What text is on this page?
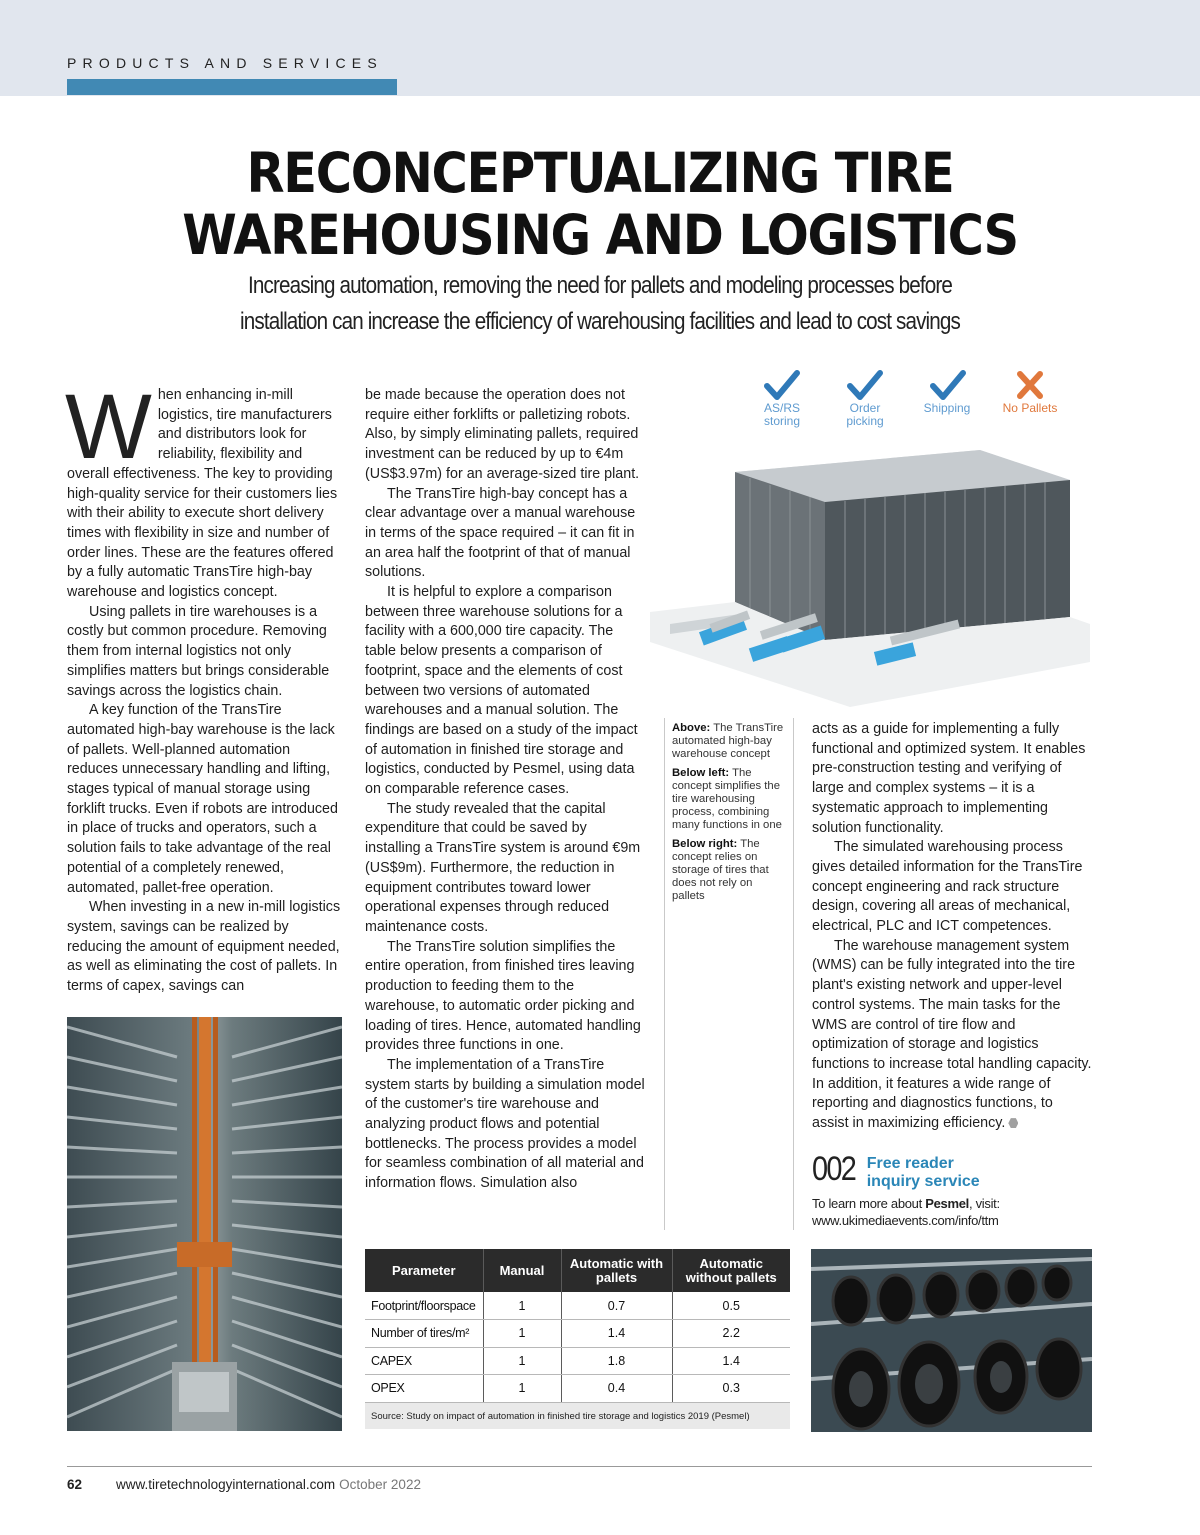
PRODUCTS AND SERVICES
RECONCEPTUALIZING TIRE
WAREHOUSING AND LOGISTICS
Increasing automation, removing the need for pallets and modeling processes before
installation can increase the efficiency of warehousing facilities and lead to cost savings

When enhancing in-mill logistics, tire manufacturers and distributors look for reliability, flexibility and overall effectiveness. The key to providing high-quality service for their customers lies with their ability to execute short delivery times with flexibility in size and number of order lines. These are the features offered by a fully automatic TransTire high-bay warehouse and logistics concept.

Using pallets in tire warehouses is a costly but common procedure. Removing them from internal logistics not only simplifies matters but brings considerable savings across the logistics chain.

A key function of the TransTire automated high-bay warehouse is the lack of pallets. Well-planned automation reduces unnecessary handling and lifting, stages typical of manual storage using forklift trucks. Even if robots are introduced in place of trucks and operators, such a solution fails to take advantage of the real potential of a completely renewed, automated, pallet-free operation.

When investing in a new in-mill logistics system, savings can be realized by reducing the amount of equipment needed, as well as eliminating the cost of pallets. In terms of capex, savings can

be made because the operation does not require either forklifts or palletizing robots. Also, by simply eliminating pallets, required investment can be reduced by up to €4m (US$3.97m) for an average-sized tire plant.

The TransTire high-bay concept has a clear advantage over a manual warehouse in terms of the space required – it can fit in an area half the footprint of that of manual solutions.

It is helpful to explore a comparison between three warehouse solutions for a facility with a 600,000 tire capacity. The table below presents a comparison of footprint, space and the elements of cost between two versions of automated warehouses and a manual solution. The findings are based on a study of the impact of automation in finished tire storage and logistics, conducted by Pesmel, using data on comparable reference cases.

The study revealed that the capital expenditure that could be saved by installing a TransTire system is around €9m (US$9m). Furthermore, the reduction in equipment contributes toward lower operational expenses through reduced maintenance costs.

The TransTire solution simplifies the entire operation, from finished tires leaving production to feeding them to the warehouse, to automatic order picking and loading of tires. Hence, automated handling provides three functions in one.

The implementation of a TransTire system starts by building a simulation model of the customer's tire warehouse and analyzing product flows and potential bottlenecks. The process provides a model for seamless combination of all material and information flows. Simulation also

acts as a guide for implementing a fully functional and optimized system. It enables pre-construction testing and verifying of large and complex systems – it is a systematic approach to implementing solution functionality.

The simulated warehousing process gives detailed information for the TransTire concept engineering and rack structure design, covering all areas of mechanical, electrical, PLC and ICT competences.

The warehouse management system (WMS) can be fully integrated into the tire plant's existing network and upper-level control systems. The main tasks for the WMS are control of tire flow and optimization of storage and logistics functions to increase total handling capacity. In addition, it features a wide range of reporting and diagnostics functions, to assist in maximizing efficiency.

Above: The TransTire automated high-bay warehouse concept

Below left: The concept simplifies the tire warehousing process, combining many functions in one

Below right: The concept relies on storage of tires that does not rely on pallets

AS/RS
storing
Order
picking
Shipping	No Pallets
002 Free reader
inquiry service
To learn more about Pesmel, visit:
www.ukimediaevents.com/info/ttm
Parameter	Manual	Automatic with pallets	Automatic without pallets
Footprint/floorspace	1	0.7	0.5
Number of tires/m²	1	1.4	2.2
CAPEX	1	1.8	1.4
OPEX	1	0.4	0.3
Source: Study on impact of automation in finished tire storage and logistics 2019 (Pesmel)
62	www.tiretechnologyinternational.com October 2022
